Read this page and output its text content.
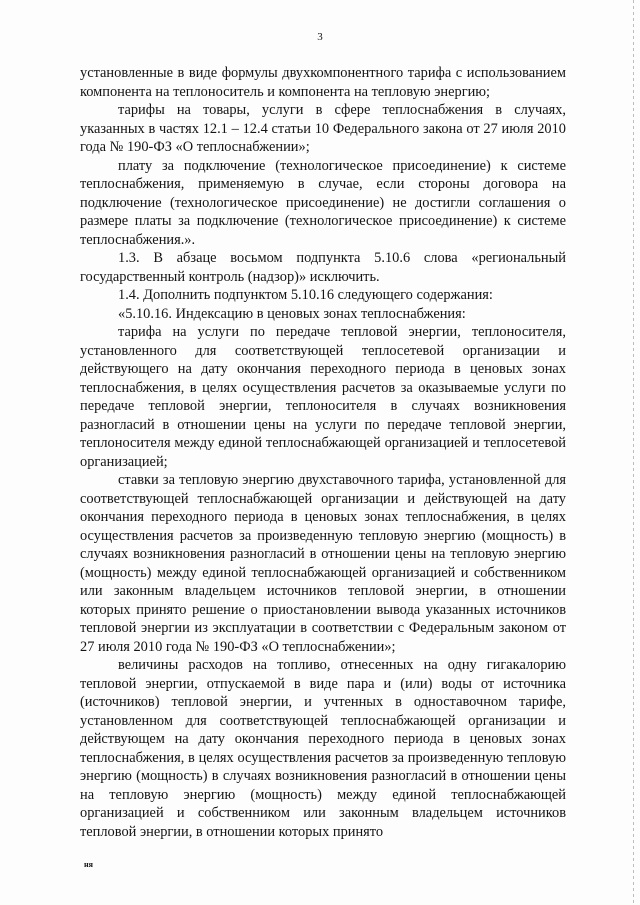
3

установленные в виде формулы двухкомпонентного тарифа с использованием компонента на теплоноситель и компонента на тепловую энергию;

тарифы на товары, услуги в сфере теплоснабжения в случаях, указанных в частях 12.1 – 12.4 статьи 10 Федерального закона от 27 июля 2010 года № 190-ФЗ «О теплоснабжении»;

плату за подключение (технологическое присоединение) к системе теплоснабжения, применяемую в случае, если стороны договора на подключение (технологическое присоединение) не достигли соглашения о размере платы за подключение (технологическое присоединение) к системе теплоснабжения.».

1.3. В абзаце восьмом подпункта 5.10.6 слова «региональный государственный контроль (надзор)» исключить.

1.4. Дополнить подпунктом 5.10.16 следующего содержания:

«5.10.16. Индексацию в ценовых зонах теплоснабжения:

тарифа на услуги по передаче тепловой энергии, теплоносителя, установленного для соответствующей теплосетевой организации и действующего на дату окончания переходного периода в ценовых зонах теплоснабжения, в целях осуществления расчетов за оказываемые услуги по передаче тепловой энергии, теплоносителя в случаях возникновения разногласий в отношении цены на услуги по передаче тепловой энергии, теплоносителя между единой теплоснабжающей организацией и теплосетевой организацией;

ставки за тепловую энергию двухставочного тарифа, установленной для соответствующей теплоснабжающей организации и действующей на дату окончания переходного периода в ценовых зонах теплоснабжения, в целях осуществления расчетов за произведенную тепловую энергию (мощность) в случаях возникновения разногласий в отношении цены на тепловую энергию (мощность) между единой теплоснабжающей организацией и собственником или законным владельцем источников тепловой энергии, в отношении которых принято решение о приостановлении вывода указанных источников тепловой энергии из эксплуатации в соответствии с Федеральным законом от 27 июля 2010 года № 190-ФЗ «О теплоснабжении»;

величины расходов на топливо, отнесенных на одну гигакалорию тепловой энергии, отпускаемой в виде пара и (или) воды от источника (источников) тепловой энергии, и учтенных в одноставочном тарифе, установленном для соответствующей теплоснабжающей организации и действующем на дату окончания переходного периода в ценовых зонах теплоснабжения, в целях осуществления расчетов за произведенную тепловую энергию (мощность) в случаях возникновения разногласий в отношении цены на тепловую энергию (мощность) между единой теплоснабжающей организацией и собственником или законным владельцем источников тепловой энергии, в отношении которых принято

ня
